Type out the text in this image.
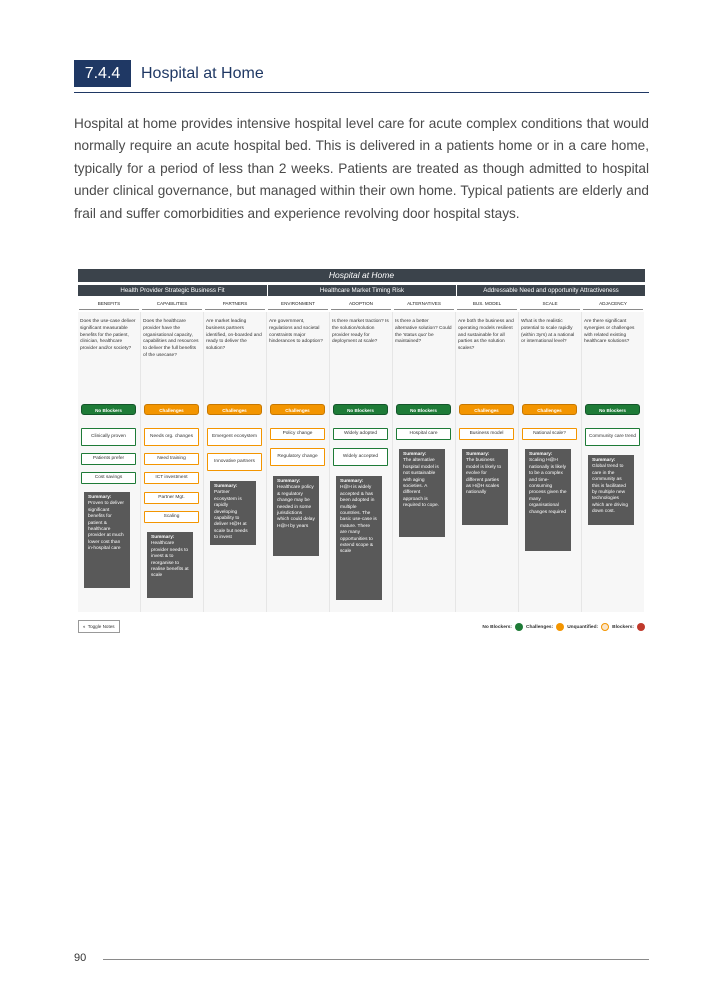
7.4.4	Hospital at Home

Hospital at home provides intensive hospital level care for acute complex conditions that would normally require an acute hospital bed. This is delivered in a patients home or in a care home, typically for a period of less than 2 weeks. Patients are treated as though admitted to hospital under clinical governance, but managed within their own home. Typical patients are elderly and frail and suffer comorbidities and experience revolving door hospital stays.

Hospital at Home
Health Provider Strategic Business Fit	Healthcare Market Timing Risk	Addressable Need and opportunity Attractiveness
BENEFITS
Does the use-case deliver significant measurable benefits for the patient, clinician, healthcare provider and/or society?
No Blockers
Clinically proven
Patients prefer
Cost savings
Summary:
Proven to deliver significant benefits for patient & healthcare provider at much lower cost than in-hospital care
CAPABILITIES
Does the healthcare provider have the organisational capacity, capabilities and resources to deliver the full benefits of the usecase?
Challenges
Needs org. changes
Need training
ICT investment
Partner Mgt.
Scaling
Summary:
Healthcare provider needs to invest & to reorganise to realise benefits at scale
PARTNERS
Are market leading business partners identified, on-boarded and ready to deliver the solution?
Challenges
Emergent ecosystem
Innovative partners
Summary:
Partner ecosystem is rapidly developing capability to deliver H@H at scale but needs to invest
ENVIRONMENT
Are government, regulations and societal constraints major hinderances to adoption?
Challenges
Policy change
Regulatory change
Summary:
Healthcare policy & regulatory change may be needed in some jurisdictions which could delay H@H by years
ADOPTION
Is there market traction? Is the solution/solution provider ready for deployment at scale?
No Blockers
Widely adopted
Widely accepted
Summary:
H@H is widely accepted & has been adopted in multiple countries. The basic use-case is mature. There are many opportunities to extend scope & scale
ALTERNATIVES
Is there a better alternative solution? Could the 'status quo' be maintained?
No Blockers
Hospital care
Summary:
The alternative hospital model is not sustainable with aging societies. A different approach is required to cope.
BUS. MODEL
Are both the business and operating models resilient and sustainable for all parties as the solution scales?
Challenges
Business model
Summary:
The business model is likely to evolve for different parties as H@H scales nationally
SCALE
What is the realistic potential to scale rapidly (within 3yrs) at a national or international level?
Challenges
National scale?
Summary:
Scaling H@H nationally is likely to be a complex and time-consuming process given the many organisational changes required
ADJACENCY
Are there significant synergies or challenges with related existing healthcare solutions?
No Blockers
Community care trend
Summary:
Global trend to care in the community as this is facilitated by multiple new technologies which are driving down cost.
◐ Toggle Notes	No Blockers:	Challenges:	Unquantified:	Blockers:
90
